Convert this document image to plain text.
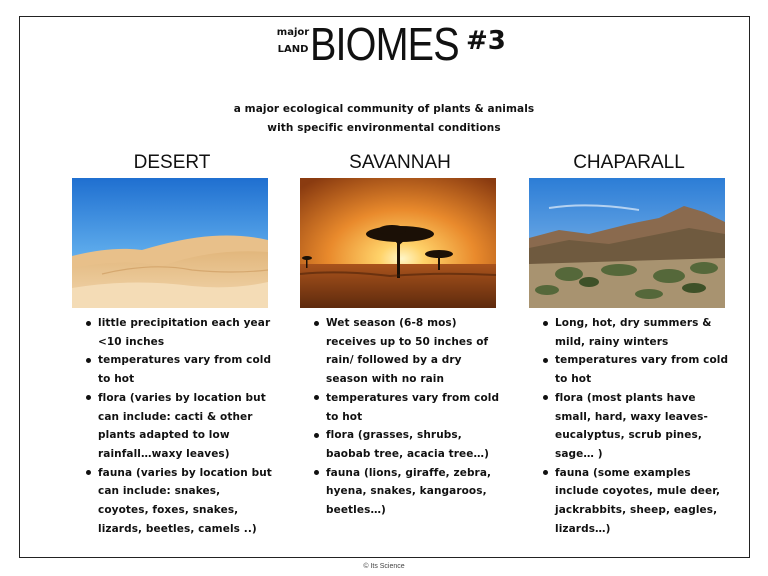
major
LAND BIOMES #3
a major ecological community of plants & animals
with specific environmental conditions
DESERT
little precipitation each year <10 inches
temperatures vary from cold to hot
flora (varies by location but can include: cacti & other plants adapted to low rainfall…waxy leaves)
fauna (varies by location but can include: snakes, coyotes, foxes, snakes, lizards, beetles, camels ..)
SAVANNAH
Wet season (6-8 mos) receives up to 50 inches of rain/ followed by a dry season with no rain
temperatures vary from cold to hot
flora (grasses, shrubs, baobab tree, acacia tree…)
fauna (lions, giraffe, zebra, hyena, snakes, kangaroos, beetles…)
CHAPARALL
Long, hot, dry summers & mild, rainy winters
temperatures vary from cold to hot
flora (most plants have small, hard, waxy leaves- eucalyptus, scrub pines, sage… )
fauna (some examples include coyotes, mule deer, jackrabbits, sheep, eagles, lizards…)
© Its Science
